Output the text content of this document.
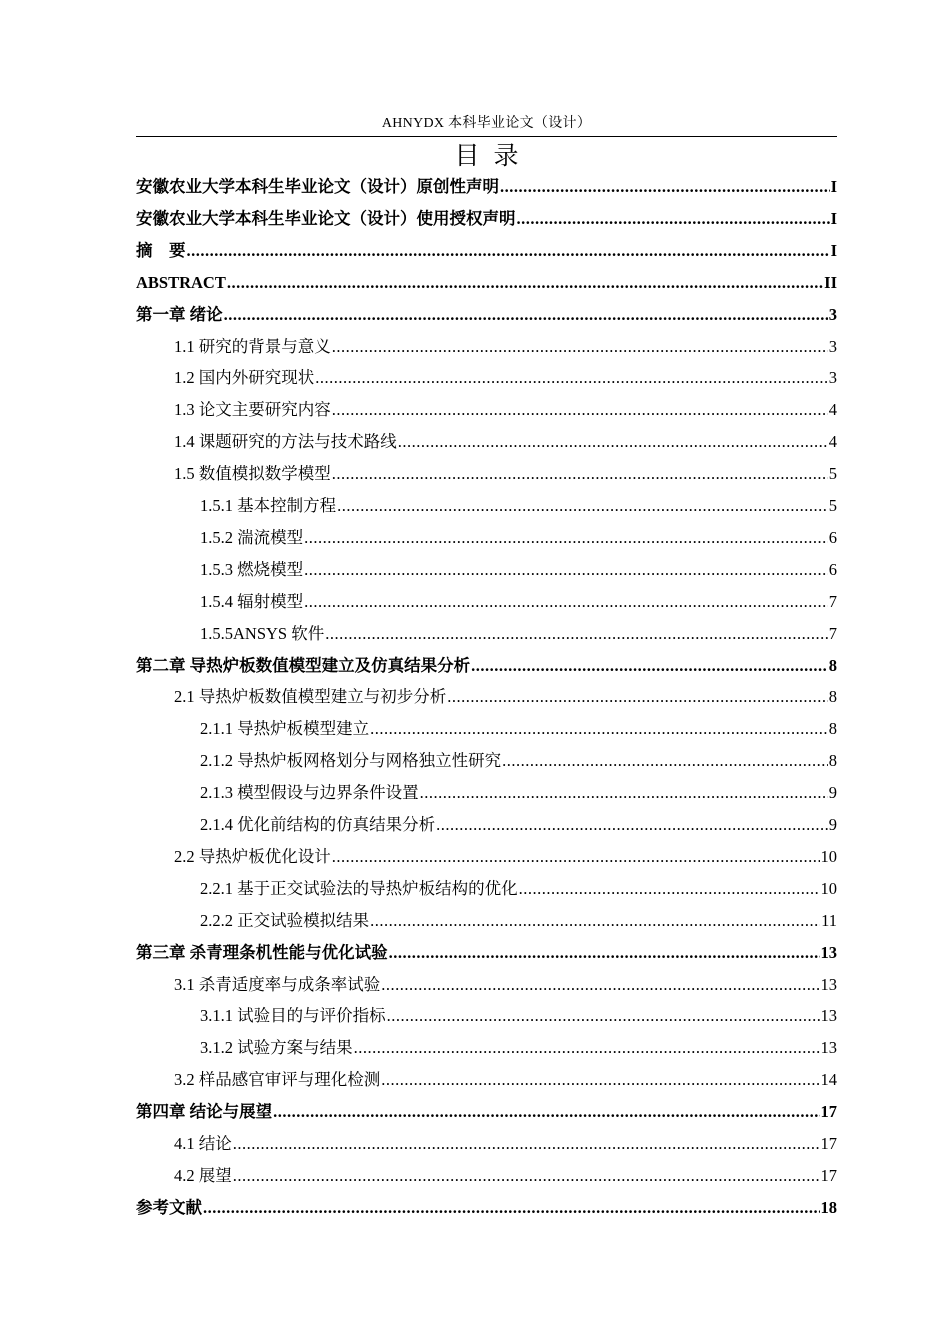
AHNYDX 本科毕业论文（设计）
目录
安徽农业大学本科生毕业论文（设计）原创性声明 .....	I
安徽农业大学本科生毕业论文（设计）使用授权声明 .....	I
摘　要 .....	I
ABSTRACT .....	II
第一章 绪论 .....	3
1.1 研究的背景与意义 .....	3
1.2 国内外研究现状 .....	3
1.3 论文主要研究内容 .....	4
1.4 课题研究的方法与技术路线 .....	4
1.5 数值模拟数学模型 .....	5
1.5.1 基本控制方程 .....	5
1.5.2 湍流模型 .....	6
1.5.3 燃烧模型 .....	6
1.5.4 辐射模型 .....	7
1.5.5ANSYS 软件 .....	7
第二章 导热炉板数值模型建立及仿真结果分析 .....	8
2.1 导热炉板数值模型建立与初步分析 .....	8
2.1.1 导热炉板模型建立 .....	8
2.1.2 导热炉板网格划分与网格独立性研究 .....	8
2.1.3 模型假设与边界条件设置 .....	9
2.1.4 优化前结构的仿真结果分析 .....	9
2.2 导热炉板优化设计 .....	10
2.2.1 基于正交试验法的导热炉板结构的优化 .....	10
2.2.2 正交试验模拟结果 .....	11
第三章 杀青理条机性能与优化试验 .....	13
3.1 杀青适度率与成条率试验 .....	13
3.1.1 试验目的与评价指标 .....	13
3.1.2 试验方案与结果 .....	13
3.2 样品感官审评与理化检测 .....	14
第四章 结论与展望 .....	17
4.1 结论 .....	17
4.2 展望 .....	17
参考文献 .....	18
